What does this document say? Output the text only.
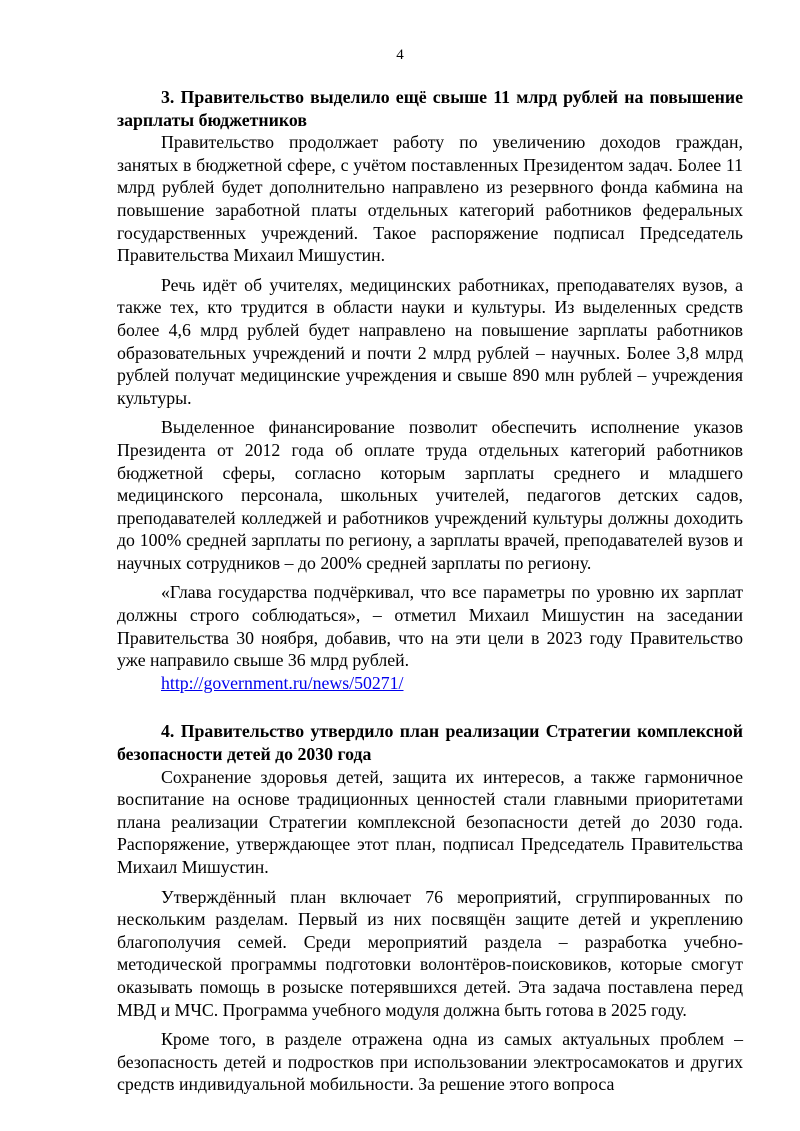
4

3. Правительство выделило ещё свыше 11 млрд рублей на повышение зарплаты бюджетников

Правительство продолжает работу по увеличению доходов граждан, занятых в бюджетной сфере, с учётом поставленных Президентом задач. Более 11 млрд рублей будет дополнительно направлено из резервного фонда кабмина на повышение заработной платы отдельных категорий работников федеральных государственных учреждений. Такое распоряжение подписал Председатель Правительства Михаил Мишустин.

Речь идёт об учителях, медицинских работниках, преподавателях вузов, а также тех, кто трудится в области науки и культуры. Из выделенных средств более 4,6 млрд рублей будет направлено на повышение зарплаты работников образовательных учреждений и почти 2 млрд рублей – научных. Более 3,8 млрд рублей получат медицинские учреждения и свыше 890 млн рублей – учреждения культуры.

Выделенное финансирование позволит обеспечить исполнение указов Президента от 2012 года об оплате труда отдельных категорий работников бюджетной сферы, согласно которым зарплаты среднего и младшего медицинского персонала, школьных учителей, педагогов детских садов, преподавателей колледжей и работников учреждений культуры должны доходить до 100% средней зарплаты по региону, а зарплаты врачей, преподавателей вузов и научных сотрудников – до 200% средней зарплаты по региону.

«Глава государства подчёркивал, что все параметры по уровню их зарплат должны строго соблюдаться», – отметил Михаил Мишустин на заседании Правительства 30 ноября, добавив, что на эти цели в 2023 году Правительство уже направило свыше 36 млрд рублей.

http://government.ru/news/50271/

4. Правительство утвердило план реализации Стратегии комплексной безопасности детей до 2030 года

Сохранение здоровья детей, защита их интересов, а также гармоничное воспитание на основе традиционных ценностей стали главными приоритетами плана реализации Стратегии комплексной безопасности детей до 2030 года. Распоряжение, утверждающее этот план, подписал Председатель Правительства Михаил Мишустин.

Утверждённый план включает 76 мероприятий, сгруппированных по нескольким разделам. Первый из них посвящён защите детей и укреплению благополучия семей. Среди мероприятий раздела – разработка учебно-методической программы подготовки волонтёров-поисковиков, которые смогут оказывать помощь в розыске потерявшихся детей. Эта задача поставлена перед МВД и МЧС. Программа учебного модуля должна быть готова в 2025 году.

Кроме того, в разделе отражена одна из самых актуальных проблем – безопасность детей и подростков при использовании электросамокатов и других средств индивидуальной мобильности. За решение этого вопроса
